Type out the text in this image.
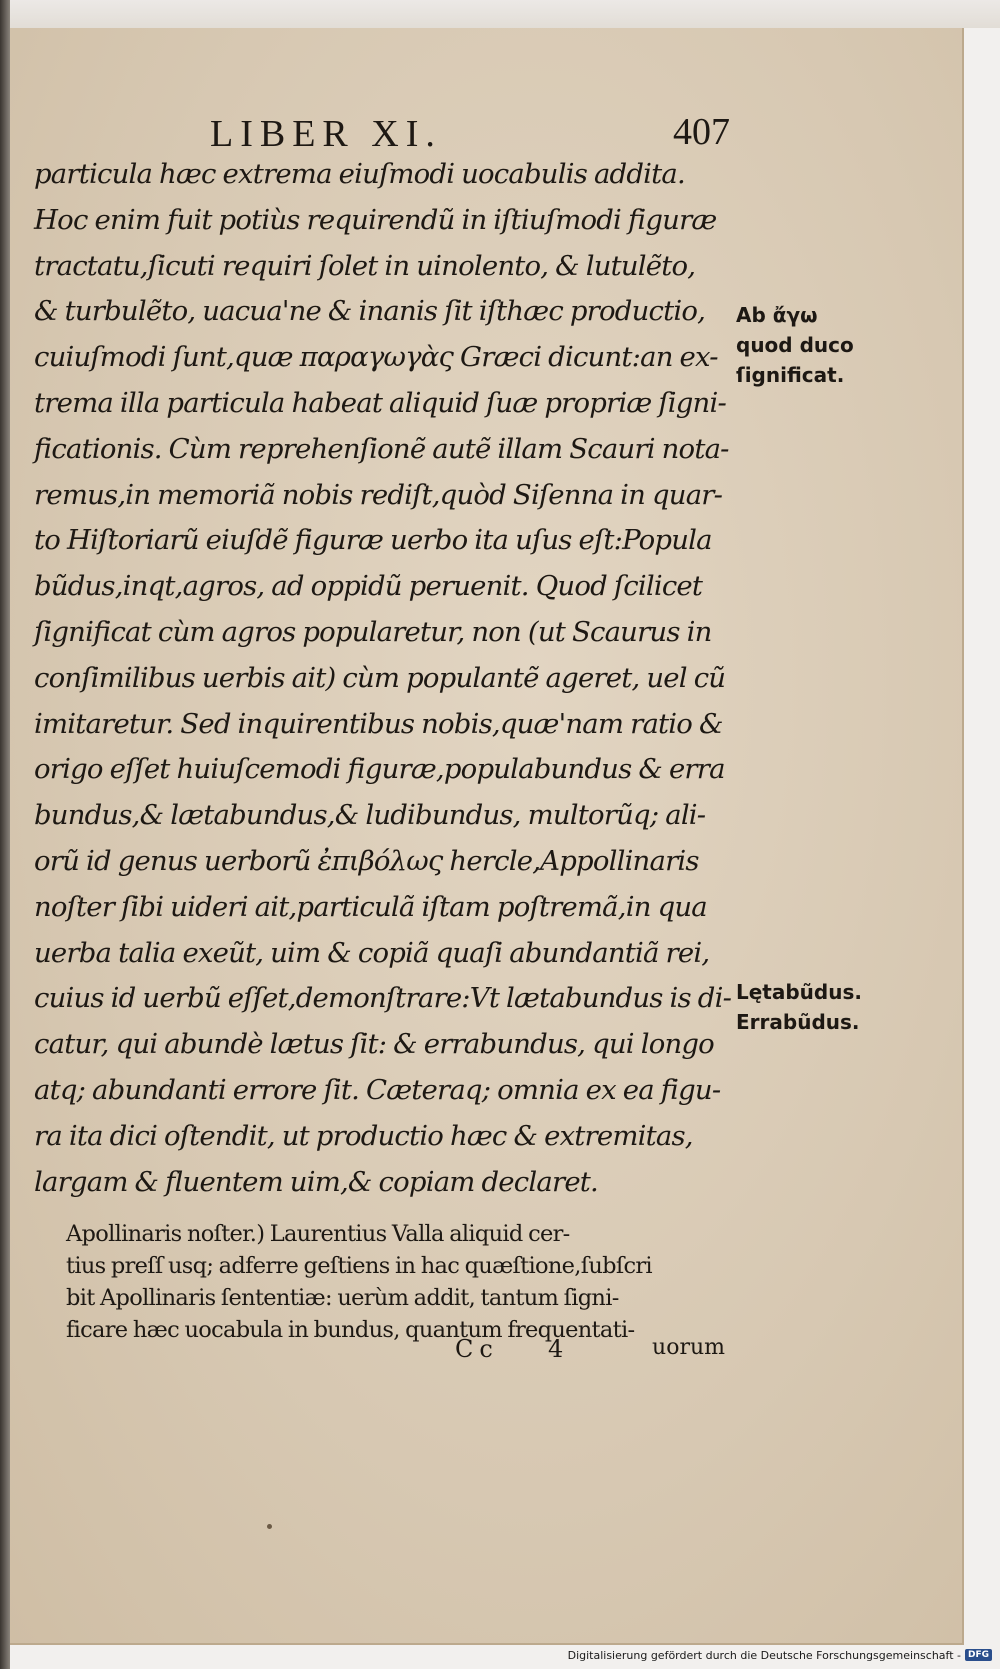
LIBER XI.	407
particula hæc extrema eiuſmodi uocabulis addita.
Hoc enim fuit potiùs requirendũ in iſtiuſmodi figuræ
tractatu,ſicuti requiri ſolet in uinolento, & lutulẽto,
& turbulẽto, uacua'ne & inanis ſit iſthæc productio,
cuiuſmodi ſunt,quæ παραγωγὰς Græci dicunt:an ex-
trema illa particula habeat aliquid ſuæ propriæ ſigni-
ficationis. Cùm reprehenſionẽ autẽ illam Scauri nota-
remus,in memoriã nobis rediſt,quòd Siſenna in quar-
to Hiſtoriarũ eiuſdẽ figuræ uerbo ita uſus eſt:Popula
bũdus,inqt,agros, ad oppidũ peruenit. Quod ſcilicet
ſignificat cùm agros popularetur, non (ut Scaurus in
conſimilibus uerbis ait) cùm populantẽ ageret, uel cũ
imitaretur. Sed inquirentibus nobis,quæ'nam ratio &
origo eſſet huiuſcemodi figuræ,populabundus & erra
bundus,& lætabundus,& ludibundus, multorũq; ali-
orũ id genus uerborũ ἐπιβόλως hercle,Appollinaris
noſter ſibi uideri ait,particulã iſtam poſtremã,in qua
uerba talia exeũt, uim & copiã quaſi abundantiã rei,
cuius id uerbũ eſſet,demonſtrare:Vt lætabundus is di-
catur, qui abundè lætus ſit: & errabundus, qui longo
atq; abundanti errore ſit. Cæteraq; omnia ex ea figu-
ra ita dici oſtendit, ut productio hæc & extremitas,
largam & fluentem uim,& copiam declaret.
Ab ἄγω
quod duco
ſignificat.
Lętabũdus.
Errabũdus.
Apollinaris noſter.) Laurentius Valla aliquid cer-
tius preſſ usq; adferre geſtiens in hac quæſtione,ſubſcri
bit Apollinaris ſententiæ: uerùm addit, tantum ſigni-
ficare hæc uocabula in bundus, quantum frequentati-
Cc 4	uorum
Digitalisierung gefördert durch die Deutsche Forschungsgemeinschaft - DFG
